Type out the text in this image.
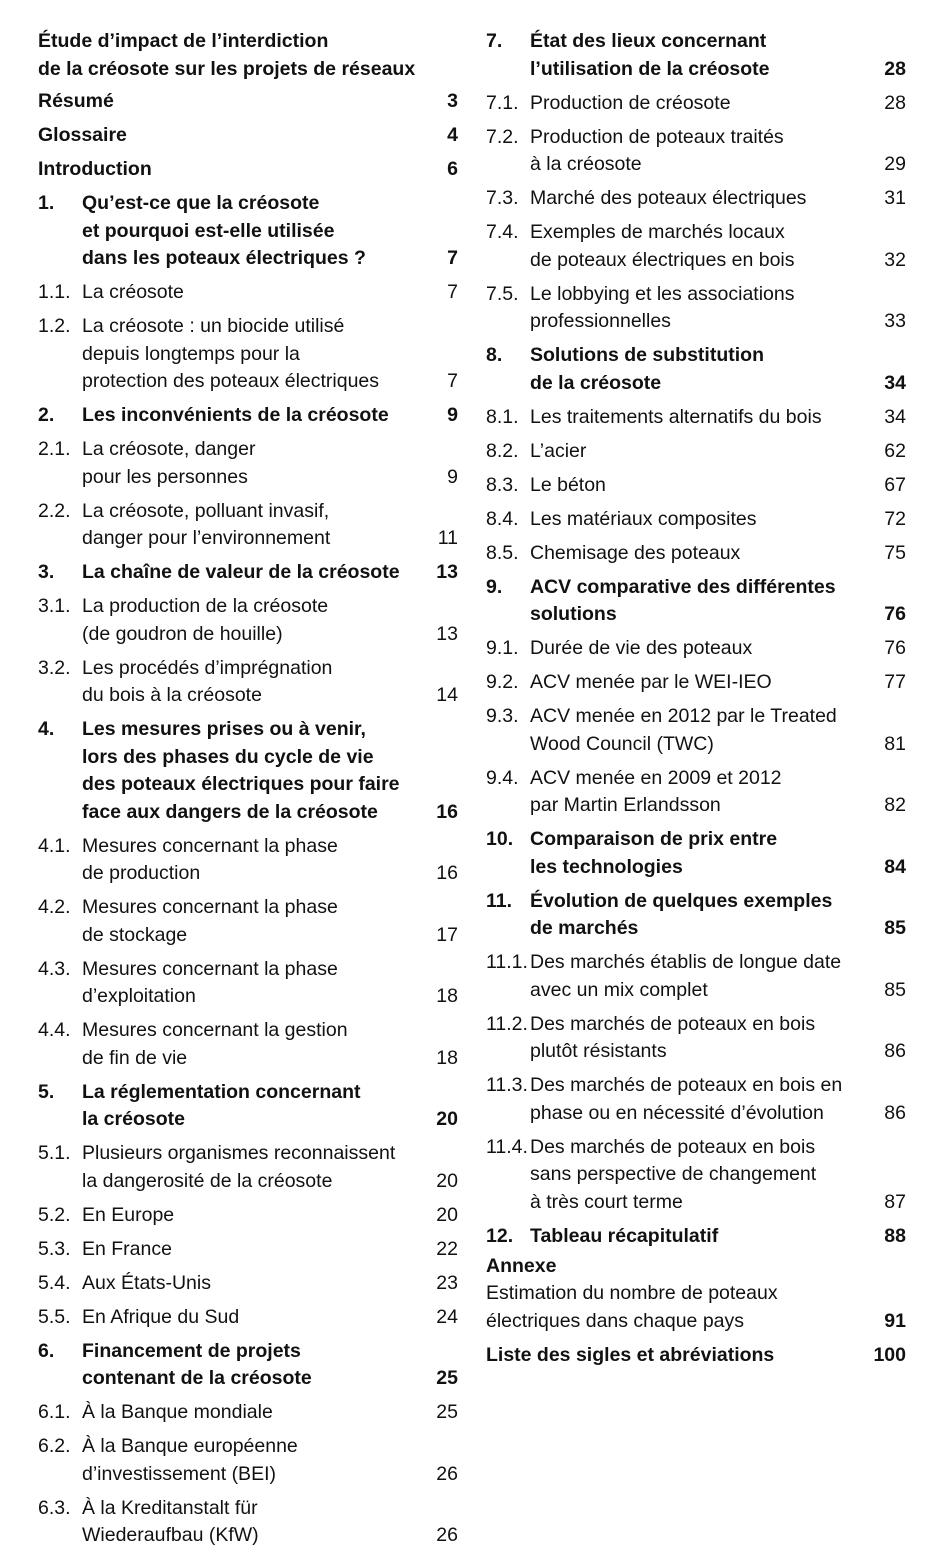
Étude d’impact de l’interdiction
de la créosote sur les projets de réseaux
Résumé	3
Glossaire	4
Introduction	6
1.	Qu’est-ce que la créosote
et pourquoi est-elle utilisée
dans les poteaux électriques ?	7
1.1. La créosote	7
1.2. La créosote : un biocide utilisé
depuis longtemps pour la
protection des poteaux électriques	7
2.	Les inconvénients de la créosote	9
2.1. La créosote, danger
pour les personnes	9
2.2. La créosote, polluant invasif,
danger pour l’environnement	11
3.	La chaîne de valeur de la créosote	13
3.1. La production de la créosote
(de goudron de houille)	13
3.2. Les procédés d’imprégnation
du bois à la créosote	14
4.	Les mesures prises ou à venir,
lors des phases du cycle de vie
des poteaux électriques pour faire
face aux dangers de la créosote	16
4.1. Mesures concernant la phase
de production	16
4.2. Mesures concernant la phase
de stockage	17
4.3. Mesures concernant la phase
d’exploitation	18
4.4. Mesures concernant la gestion
de fin de vie	18
5.	La réglementation concernant
la créosote	20
5.1. Plusieurs organismes reconnaissent
la dangerosité de la créosote	20
5.2. En Europe	20
5.3. En France	22
5.4. Aux États-Unis	23
5.5. En Afrique du Sud	24
6.	Financement de projets
contenant de la créosote	25
6.1. À la Banque mondiale	25
6.2. À la Banque européenne
d’investissement (BEI)	26
6.3. À la Kreditanstalt für
Wiederaufbau (KfW)	26
7.	État des lieux concernant
l’utilisation de la créosote	28
7.1. Production de créosote	28
7.2. Production de poteaux traités
à la créosote	29
7.3. Marché des poteaux électriques	31
7.4. Exemples de marchés locaux
de poteaux électriques en bois	32
7.5. Le lobbying et les associations
professionnelles	33
8.	Solutions de substitution
de la créosote	34
8.1. Les traitements alternatifs du bois	34
8.2. L’acier	62
8.3. Le béton	67
8.4. Les matériaux composites	72
8.5. Chemisage des poteaux	75
9.	ACV comparative des différentes
solutions	76
9.1. Durée de vie des poteaux	76
9.2. ACV menée par le WEI-IEO	77
9.3. ACV menée en 2012 par le Treated
Wood Council (TWC)	81
9.4. ACV menée en 2009 et 2012
par Martin Erlandsson	82
10. Comparaison de prix entre
les technologies	84
11. Évolution de quelques exemples
de marchés	85
11.1. Des marchés établis de longue date
avec un mix complet	85
11.2. Des marchés de poteaux en bois
plutôt résistants	86
11.3. Des marchés de poteaux en bois en
phase ou en nécessité d’évolution	86
11.4. Des marchés de poteaux en bois
sans perspective de changement
à très court terme	87
12. Tableau récapitulatif	88
Annexe
Estimation du nombre de poteaux
électriques dans chaque pays	91
Liste des sigles et abréviations	100
